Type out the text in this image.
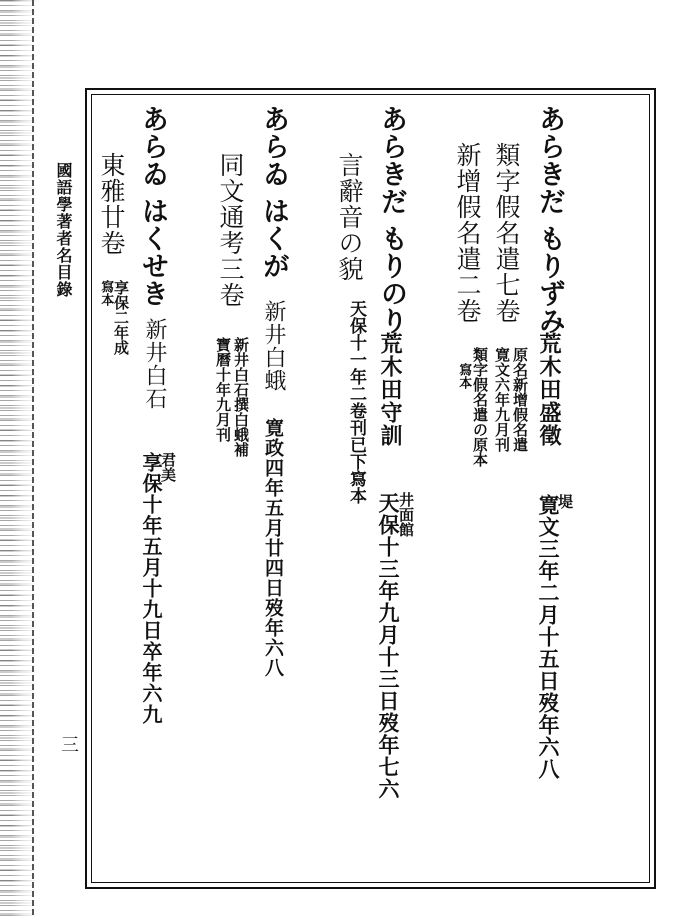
國語學著者名目錄
三
あらきだ もりずみ
類字假名遣七卷
原名新增假名遣
寛文六年九月刊
新增假名遣二卷
類字假名遣の原本
寫本	荒木田盛徵
堤
寛文三年二月十五日歿年六八
あらきだ もりのり
言辭音の貌
天保十一年二卷刊已下寫本 荒木田守訓
井面館
天保十三年九月十三日歿年七六
あらゐ はくが
同文通考三卷
新井白石撰白蛾補
寶曆十年九月刊 新井白蛾
寛政四年五月廿四日歿年六八
あらゐ はくせき
東雅廿卷
享保二年成
寫本
新井白石
君美
享保十年五月十九日卒年六九
